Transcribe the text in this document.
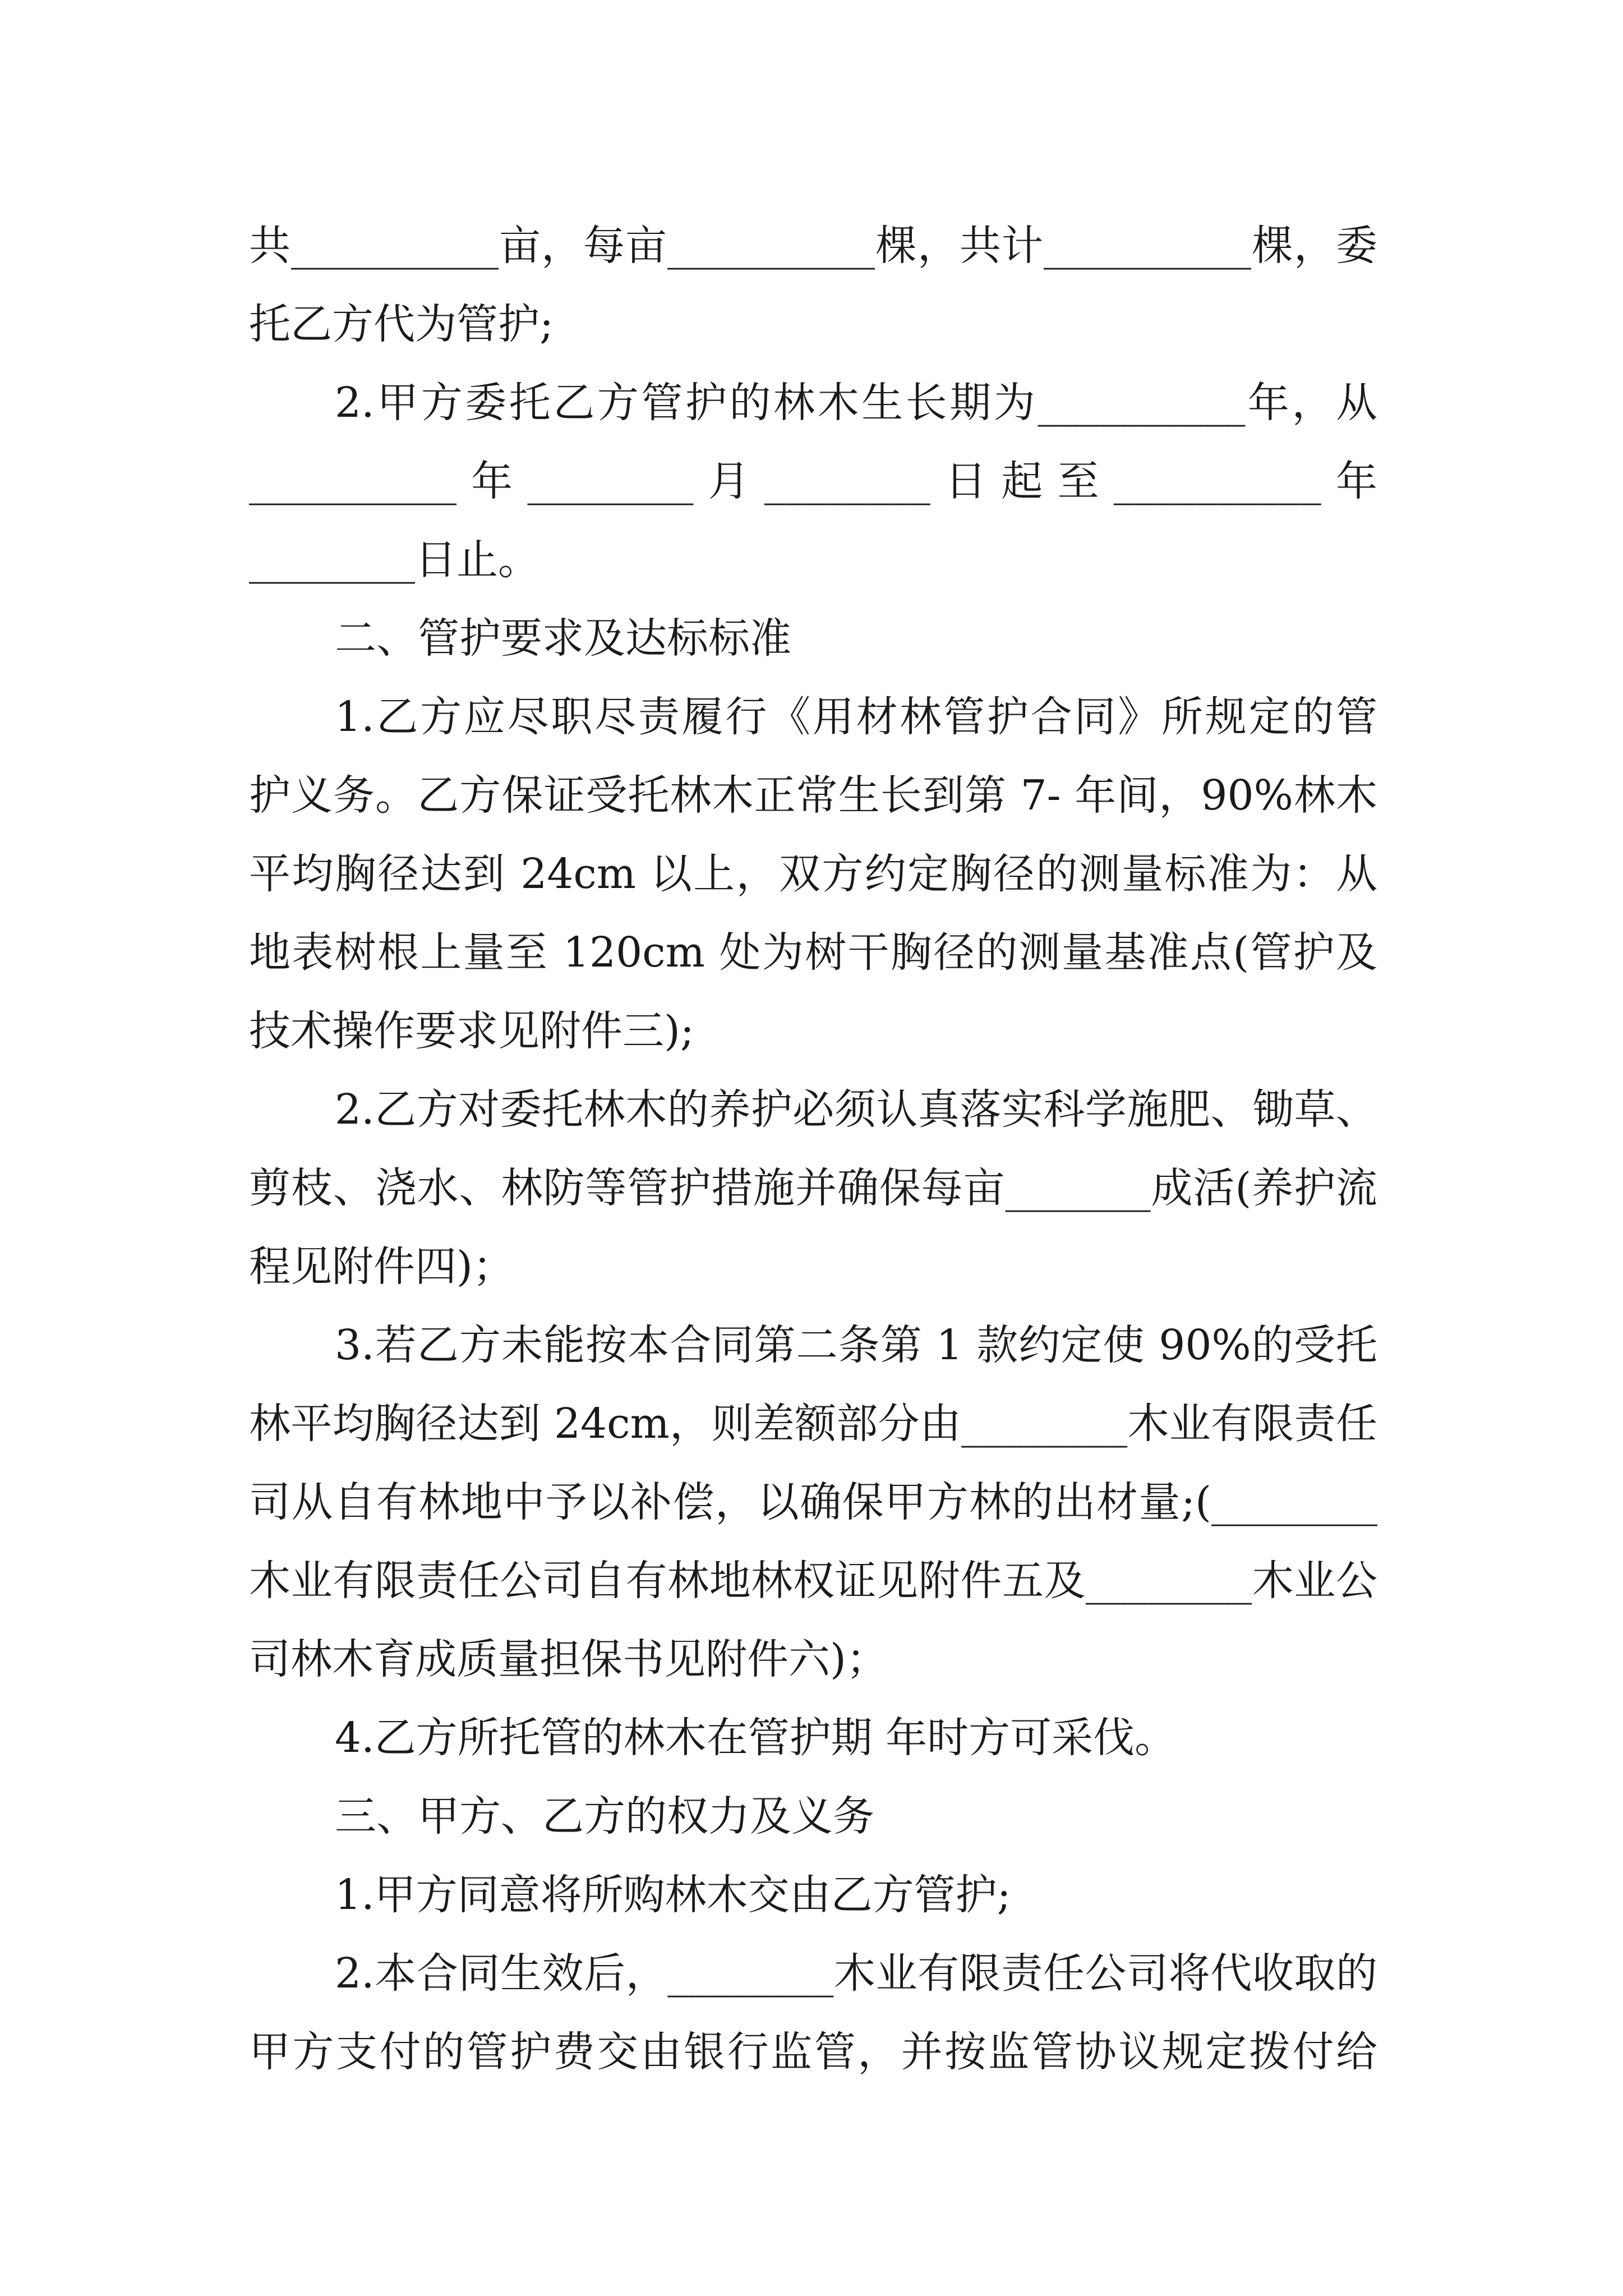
共__________亩，每亩__________棵，共计__________棵，委
托乙方代为管护;
2.甲方委托乙方管护的林木生长期为__________年，从
__________年________月________日起至__________年
________日止。
二、管护要求及达标标准
1.乙方应尽职尽责履行《用材林管护合同》所规定的管
护义务。乙方保证受托林木正常生长到第 7- 年间，90%林木
平均胸径达到 24cm 以上，双方约定胸径的测量标准为：从
地表树根上量至 120cm 处为树干胸径的测量基准点(管护及
技术操作要求见附件三);
2.乙方对委托林木的养护必须认真落实科学施肥、锄草、
剪枝、浇水、林防等管护措施并确保每亩_______成活(养护流
程见附件四)；
3.若乙方未能按本合同第二条第 1 款约定使 90%的受托
林平均胸径达到 24cm，则差额部分由________木业有限责任
司从自有林地中予以补偿，以确保甲方林的出材量;(________
木业有限责任公司自有林地林权证见附件五及________木业公
司林木育成质量担保书见附件六)；
4.乙方所托管的林木在管护期 年时方可采伐。
三、甲方、乙方的权力及义务
1.甲方同意将所购林木交由乙方管护;
2.本合同生效后，________木业有限责任公司将代收取的
甲方支付的管护费交由银行监管，并按监管协议规定拨付给
